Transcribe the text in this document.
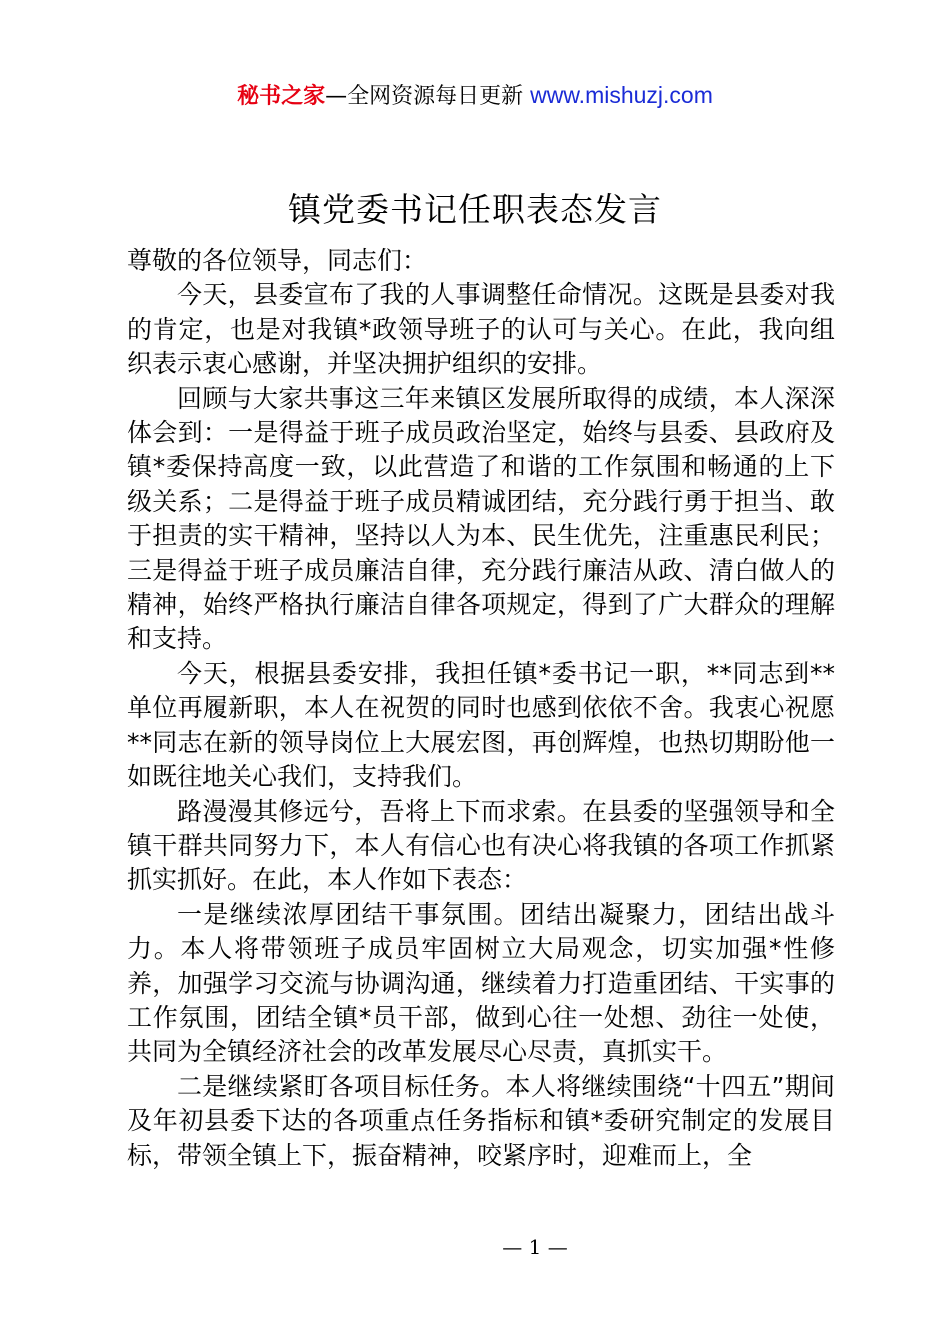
秘书之家—全网资源每日更新 www.mishuzj.com
镇党委书记任职表态发言

尊敬的各位领导，同志们：

今天，县委宣布了我的人事调整任命情况。这既是县委对我的肯定，也是对我镇*政领导班子的认可与关心。在此，我向组织表示衷心感谢，并坚决拥护组织的安排。

回顾与大家共事这三年来镇区发展所取得的成绩，本人深深体会到：一是得益于班子成员政治坚定，始终与县委、县政府及镇*委保持高度一致，以此营造了和谐的工作氛围和畅通的上下级关系；二是得益于班子成员精诚团结，充分践行勇于担当、敢于担责的实干精神，坚持以人为本、民生优先，注重惠民利民；三是得益于班子成员廉洁自律，充分践行廉洁从政、清白做人的精神，始终严格执行廉洁自律各项规定，得到了广大群众的理解和支持。

今天，根据县委安排，我担任镇*委书记一职，**同志到**单位再履新职，本人在祝贺的同时也感到依依不舍。我衷心祝愿**同志在新的领导岗位上大展宏图，再创辉煌，也热切期盼他一如既往地关心我们，支持我们。

路漫漫其修远兮，吾将上下而求索。在县委的坚强领导和全镇干群共同努力下，本人有信心也有决心将我镇的各项工作抓紧抓实抓好。在此，本人作如下表态：

一是继续浓厚团结干事氛围。团结出凝聚力，团结出战斗力。本人将带领班子成员牢固树立大局观念，切实加强*性修养，加强学习交流与协调沟通，继续着力打造重团结、干实事的工作氛围，团结全镇*员干部，做到心往一处想、劲往一处使，共同为全镇经济社会的改革发展尽心尽责，真抓实干。

二是继续紧盯各项目标任务。本人将继续围绕“十四五”期间及年初县委下达的各项重点任务指标和镇*委研究制定的发展目标，带领全镇上下，振奋精神，咬紧序时，迎难而上，全

— 1 —
